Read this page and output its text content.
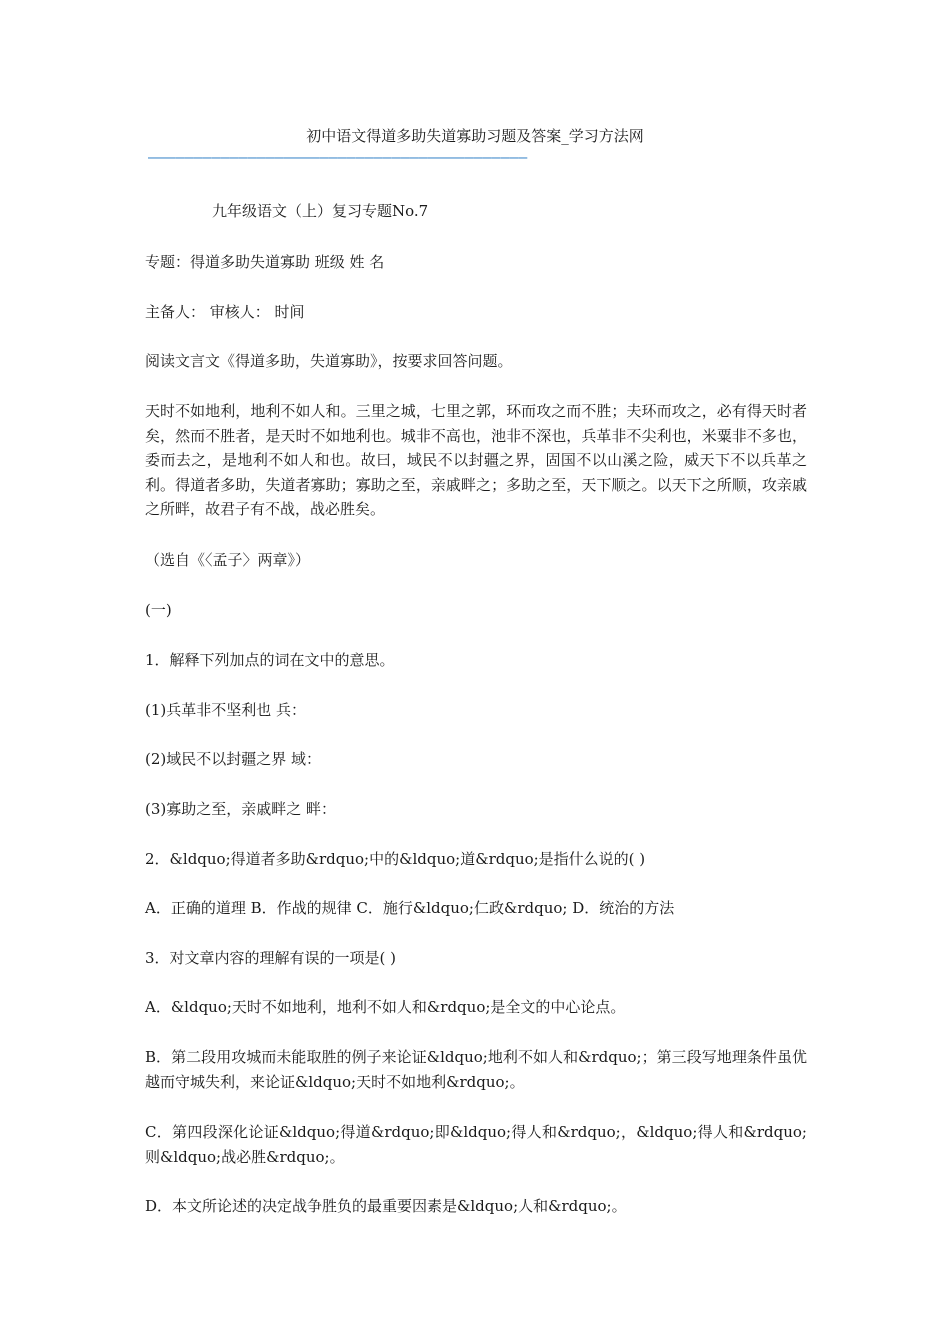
初中语文得道多助失道寡助习题及答案_学习方法网
——————————————————————————————————————————

九年级语文（上）复习专题No.7

专题：得道多助失道寡助 班级 姓 名

主备人： 审核人： 时间

阅读文言文《得道多助，失道寡助》，按要求回答问题。

天时不如地利，地利不如人和。三里之城，七里之郭，环而攻之而不胜；夫环而攻之，必有得天时者矣，然而不胜者，是天时不如地利也。城非不高也，池非不深也，兵革非不尖利也，米粟非不多也，委而去之，是地利不如人和也。故曰，域民不以封疆之界，固国不以山溪之险，威天下不以兵革之利。得道者多助，失道者寡助；寡助之至，亲戚畔之；多助之至，天下顺之。以天下之所顺，攻亲戚之所畔，故君子有不战，战必胜矣。

（选自《〈孟子〉两章》）

(一)

1．解释下列加点的词在文中的意思。

(1)兵革非不坚利也 兵：

(2)域民不以封疆之界 域：

(3)寡助之至，亲戚畔之 畔：

2．&ldquo;得道者多助&rdquo;中的&ldquo;道&rdquo;是指什么说的( )

A．正确的道理 B．作战的规律 C．施行&ldquo;仁政&rdquo; D．统治的方法

3．对文章内容的理解有误的一项是( )

A．&ldquo;天时不如地利，地利不如人和&rdquo;是全文的中心论点。

B．第二段用攻城而未能取胜的例子来论证&ldquo;地利不如人和&rdquo;；第三段写地理条件虽优越而守城失利，来论证&ldquo;天时不如地利&rdquo;。

C．第四段深化论证&ldquo;得道&rdquo;即&ldquo;得人和&rdquo;，&ldquo;得人和&rdquo;则&ldquo;战必胜&rdquo;。

D．本文所论述的决定战争胜负的最重要因素是&ldquo;人和&rdquo;。
